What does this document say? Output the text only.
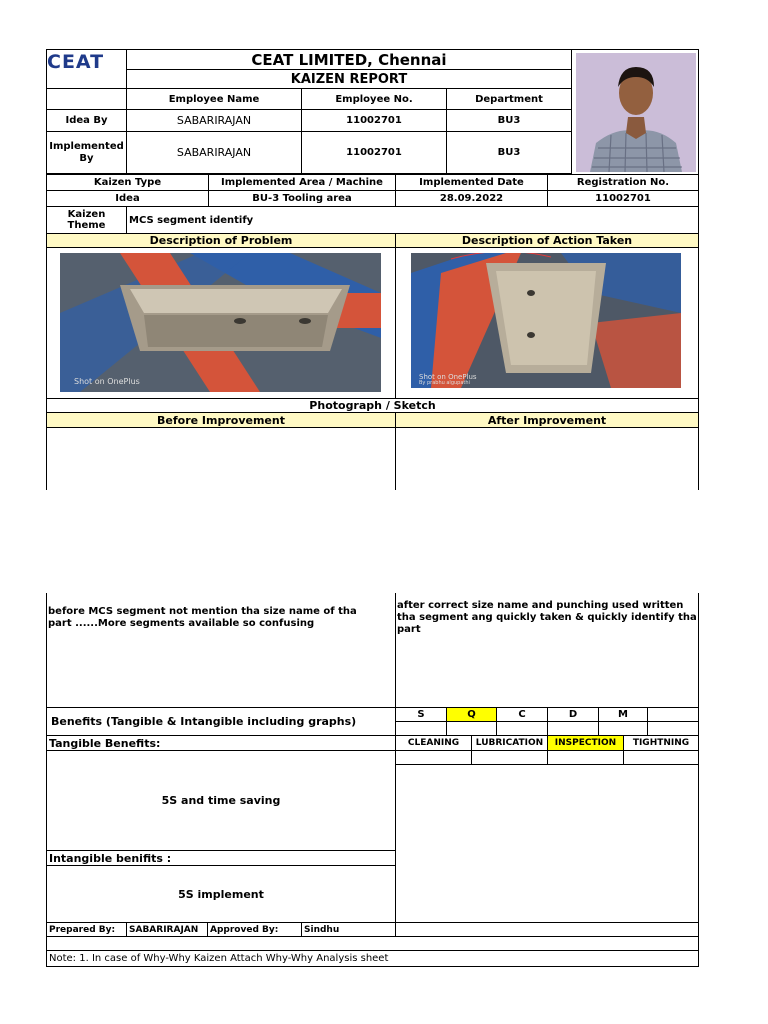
CEAT	CEAT LIMITED, Chennai
KAIZEN REPORT
Employee Name	Employee No.	Department
Idea By	SABARIRAJAN	11002701	BU3
Implemented By	SABARIRAJAN	11002701	BU3
Kaizen Type	Implemented Area / Machine	Implemented Date	Registration No.
Idea	BU-3 Tooling area	28.09.2022	11002701
Kaizen Theme	MCS segment identify
Description of Problem	Description of Action Taken
Shot on OnePlus	Shot on OnePlus
By prabhu algupathi
Photograph / Sketch
Before Improvement	After Improvement
before MCS segment not mention tha size name of tha part ......More segments available so confusing
after correct size name and punching used written tha segment ang quickly taken & quickly identify tha part
Benefits (Tangible & Intangible including graphs)
S	Q	C	D	M
Tangible Benefits:	CLEANING	LUBRICATION	INSPECTION	TIGHTNING
5S and time saving
Intangible benifits :
5S implement
Prepared By:	SABARIRAJAN	Approved By:	Sindhu
Note: 1. In case of Why-Why Kaizen Attach Why-Why Analysis sheet
